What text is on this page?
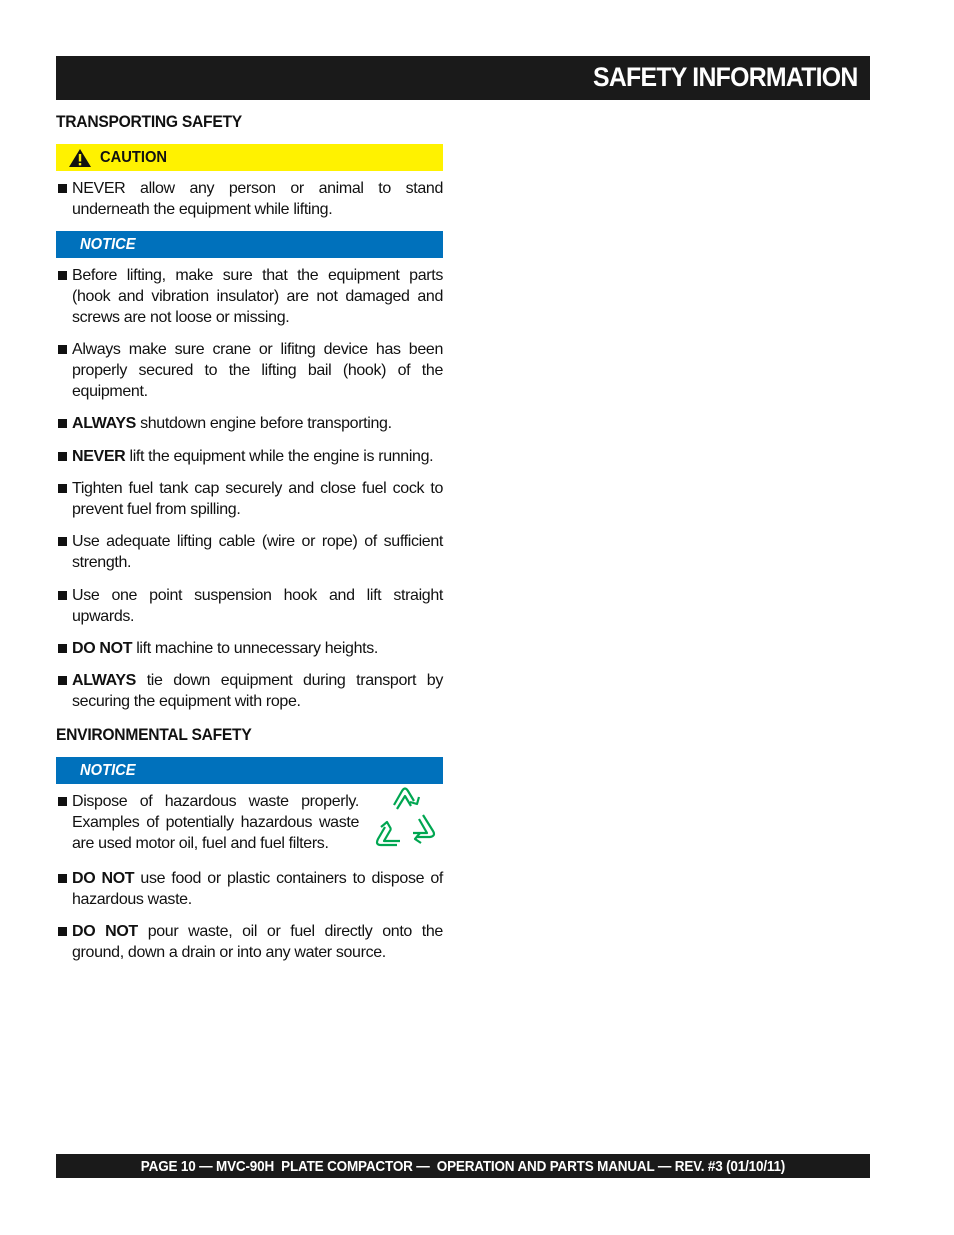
SAFETY INFORMATION
TRANSPORTING SAFETY
CAUTION
NEVER allow any person or animal to stand underneath the equipment while lifting.
NOTICE
Before lifting, make sure that the equipment parts (hook and vibration insulator) are not damaged and screws are not loose or missing.
Always make sure crane or lifitng device has been properly secured to the lifting bail (hook) of the equipment.
ALWAYS shutdown engine before transporting.
NEVER lift the equipment while the engine is running.
Tighten fuel tank cap securely and close fuel cock to prevent fuel from spilling.
Use adequate lifting cable (wire or rope) of sufficient strength.
Use one point suspension hook and lift straight upwards.
DO NOT lift machine to unnecessary heights.
ALWAYS tie down equipment during transport by securing the equipment with rope.
ENVIRONMENTAL SAFETY
NOTICE
Dispose of hazardous waste properly. Examples of potentially hazardous waste are used motor oil, fuel and fuel filters.
DO NOT use food or plastic containers to dispose of hazardous waste.
DO NOT pour waste, oil or fuel directly onto the ground, down a drain or into any water source.
PAGE 10 — MVC-90H  PLATE COMPACTOR —  OPERATION AND PARTS MANUAL — REV. #3 (01/10/11)
